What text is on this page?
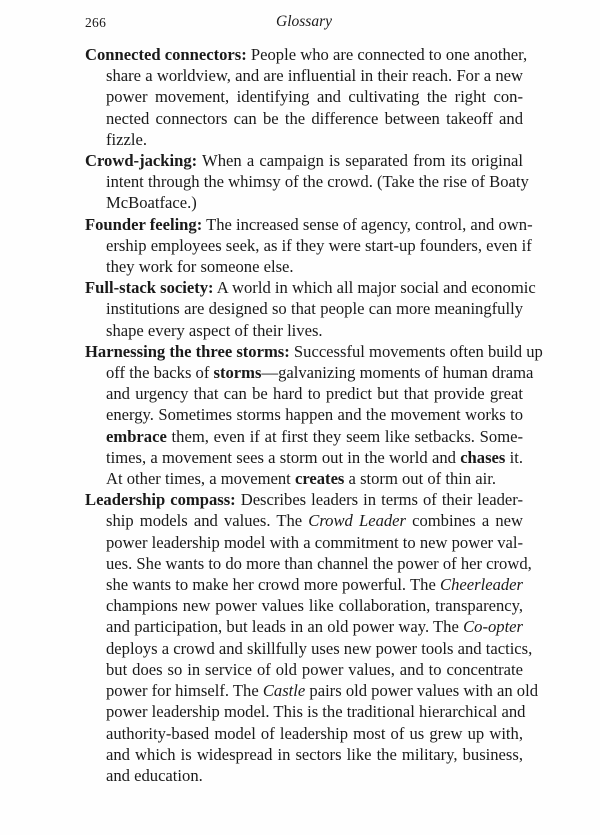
266	Glossary
Connected connectors: People who are connected to one another,
share a worldview, and are influential in their reach. For a new
power movement, identifying and cultivating the right con-
nected connectors can be the difference between takeoff and
fizzle.
Crowd-jacking: When a campaign is separated from its original
intent through the whimsy of the crowd. (Take the rise of Boaty
McBoatface.)
Founder feeling: The increased sense of agency, control, and own-
ership employees seek, as if they were start-up founders, even if
they work for someone else.
Full-stack society: A world in which all major social and economic
institutions are designed so that people can more meaningfully
shape every aspect of their lives.
Harnessing the three storms: Successful movements often build up
off the backs of storms—galvanizing moments of human drama
and urgency that can be hard to predict but that provide great
energy. Sometimes storms happen and the movement works to
embrace them, even if at first they seem like setbacks. Some-
times, a movement sees a storm out in the world and chases it.
At other times, a movement creates a storm out of thin air.
Leadership compass: Describes leaders in terms of their leader-
ship models and values. The Crowd Leader combines a new
power leadership model with a commitment to new power val-
ues. She wants to do more than channel the power of her crowd,
she wants to make her crowd more powerful. The Cheerleader
champions new power values like collaboration, transparency,
and participation, but leads in an old power way. The Co-opter
deploys a crowd and skillfully uses new power tools and tactics,
but does so in service of old power values, and to concentrate
power for himself. The Castle pairs old power values with an old
power leadership model. This is the traditional hierarchical and
authority-based model of leadership most of us grew up with,
and which is widespread in sectors like the military, business,
and education.
